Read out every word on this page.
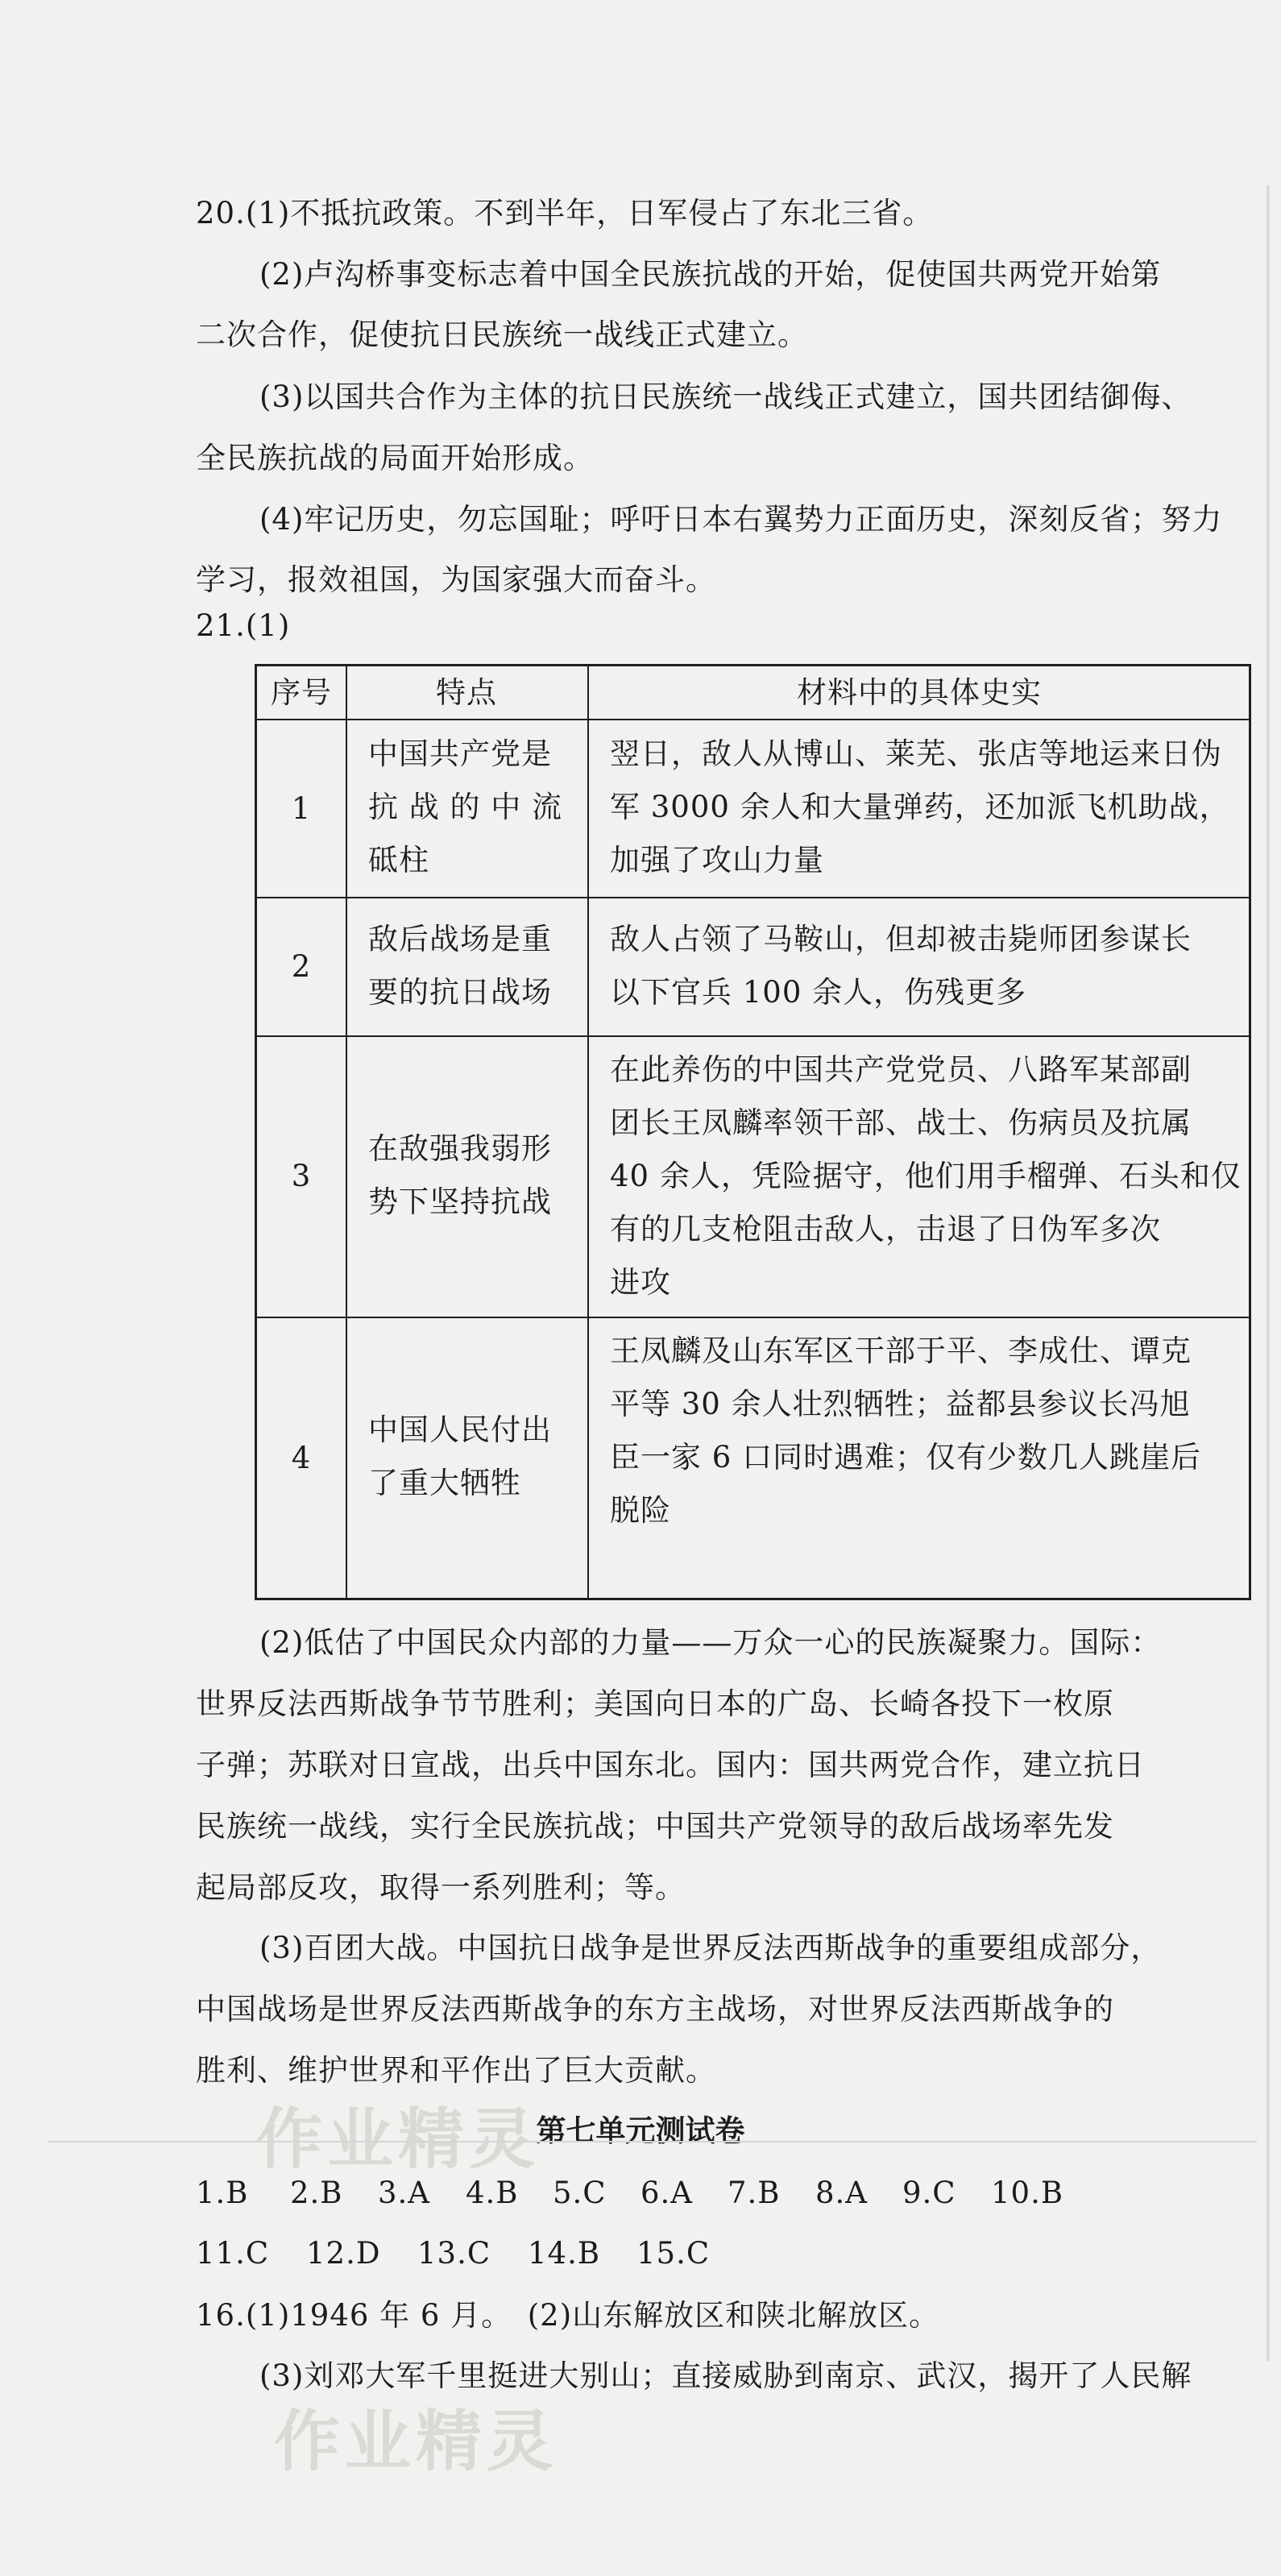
20.(1)不抵抗政策。不到半年，日军侵占了东北三省。
(2)卢沟桥事变标志着中国全民族抗战的开始，促使国共两党开始第
二次合作，促使抗日民族统一战线正式建立。
(3)以国共合作为主体的抗日民族统一战线正式建立，国共团结御侮、
全民族抗战的局面开始形成。
(4)牢记历史，勿忘国耻；呼吁日本右翼势力正面历史，深刻反省；努力
学习，报效祖国，为国家强大而奋斗。
21.(1)
序号	特点	材料中的具体史实
1
中国共产党是
抗 战 的 中 流
砥柱
翌日，敌人从博山、莱芜、张店等地运来日伪
军 3000 余人和大量弹药，还加派飞机助战，
加强了攻山力量
2
敌后战场是重
要的抗日战场
敌人占领了马鞍山，但却被击毙师团参谋长
以下官兵 100 余人，伤残更多
3
在敌强我弱形
势下坚持抗战
在此养伤的中国共产党党员、八路军某部副
团长王凤麟率领干部、战士、伤病员及抗属
40 余人，凭险据守，他们用手榴弹、石头和仅
有的几支枪阻击敌人，击退了日伪军多次
进攻
4
中国人民付出
了重大牺牲
王凤麟及山东军区干部于平、李成仕、谭克
平等 30 余人壮烈牺牲；益都县参议长冯旭
臣一家 6 口同时遇难；仅有少数几人跳崖后
脱险
(2)低估了中国民众内部的力量——万众一心的民族凝聚力。国际：
世界反法西斯战争节节胜利；美国向日本的广岛、长崎各投下一枚原
子弹；苏联对日宣战，出兵中国东北。国内：国共两党合作，建立抗日
民族统一战线，实行全民族抗战；中国共产党领导的敌后战场率先发
起局部反攻，取得一系列胜利；等。
(3)百团大战。中国抗日战争是世界反法西斯战争的重要组成部分，
中国战场是世界反法西斯战争的东方主战场，对世界反法西斯战争的
胜利、维护世界和平作出了巨大贡献。
作业精灵
第七单元测试卷
1.B 2.B 3.A 4.B 5.C 6.A 7.B 8.A 9.C 10.B
11.C 12.D 13.C 14.B 15.C
16.(1)1946 年 6 月。　(2)山东解放区和陕北解放区。
(3)刘邓大军千里挺进大别山；直接威胁到南京、武汉，揭开了人民解
作业精灵
